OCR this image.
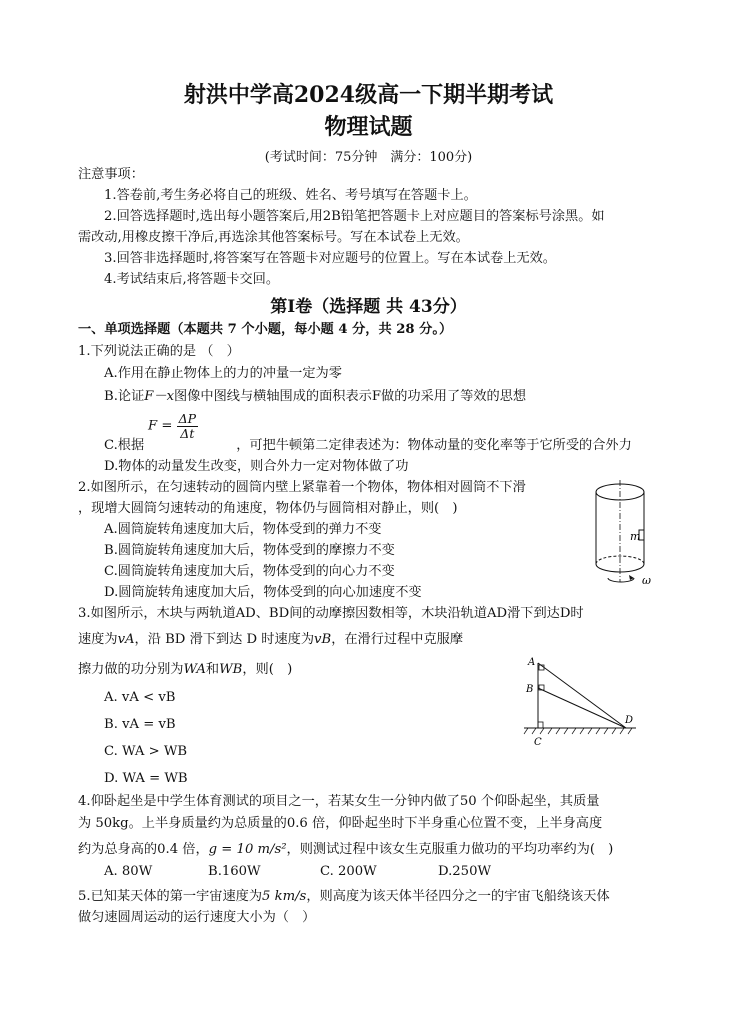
射洪中学高2024级高一下期半期考试
物理试题
(考试时间：75分钟　满分：100分)
注意事项：
1.答卷前,考生务必将自己的班级、姓名、考号填写在答题卡上。
2.回答选择题时,选出每小题答案后,用2B铅笔把答题卡上对应题目的答案标号涂黑。如
需改动,用橡皮擦干净后,再选涂其他答案标号。写在本试卷上无效。
3.回答非选择题时,将答案写在答题卡对应题号的位置上。写在本试卷上无效。
4.考试结束后,将答题卡交回。
第Ⅰ卷（选择题 共 43分）
一、单项选择题（本题共 7 个小题，每小题 4 分，共 28 分。）
1.下列说法正确的是 （　）
A.作用在静止物体上的力的冲量一定为零
B.论证F－x图像中图线与横轴围成的面积表示F做的功采用了等效的思想
$F = \frac{\Delta P}{\Delta t}$
C.根据	，可把牛顿第二定律表述为：物体动量的变化率等于它所受的合外力
D.物体的动量发生改变，则合外力一定对物体做了功
2.如图所示，在匀速转动的圆筒内壁上紧靠着一个物体，物体相对圆筒不下滑
，现增大圆筒匀速转动的角速度，物体仍与圆筒相对静止，则(　)
A.圆筒旋转角速度加大后，物体受到的弹力不变
B.圆筒旋转角速度加大后，物体受到的摩擦力不变
C.圆筒旋转角速度加大后，物体受到的向心力不变
D.圆筒旋转角速度加大后，物体受到的向心加速度不变
m
ω
3.如图所示，木块与两轨道AD、BD间的动摩擦因数相等，木块沿轨道AD滑下到达D时
速度为vA，沿 BD 滑下到达 D 时速度为vB，在滑行过程中克服摩
擦力做的功分别为WA和WB，则(　)
A. vA < vB
B. vA = vB
C. WA > WB
D. WA = WB
A
B
C
D
4.仰卧起坐是中学生体育测试的项目之一，若某女生一分钟内做了50 个仰卧起坐，其质量
为 50kg。上半身质量约为总质量的0.6 倍，仰卧起坐时下半身重心位置不变，上半身高度
约为总身高的0.4 倍，g = 10 m/s²，则测试过程中该女生克服重力做功的平均功率约为(　)
A. 80W	B.160W	C. 200W	D.250W
5.已知某天体的第一宇宙速度为5 km/s，则高度为该天体半径四分之一的宇宙飞船绕该天体
做匀速圆周运动的运行速度大小为（　）
